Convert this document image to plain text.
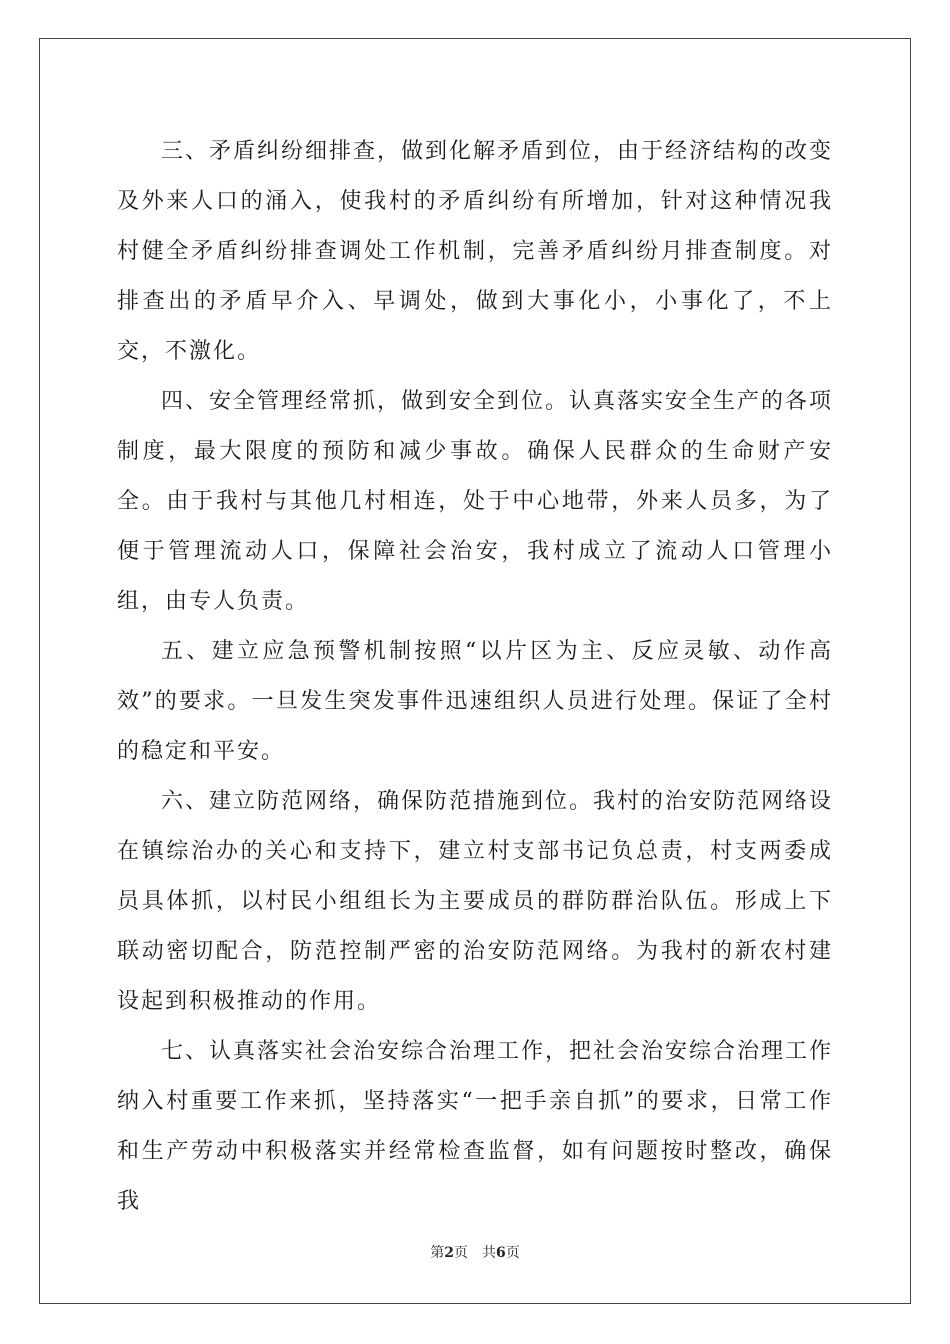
三、矛盾纠纷细排查，做到化解矛盾到位，由于经济结构的改变及外来人口的涌入，使我村的矛盾纠纷有所增加，针对这种情况我村健全矛盾纠纷排查调处工作机制，完善矛盾纠纷月排查制度。对排查出的矛盾早介入、早调处，做到大事化小，小事化了，不上交，不激化。

四、安全管理经常抓，做到安全到位。认真落实安全生产的各项制度，最大限度的预防和减少事故。确保人民群众的生命财产安全。由于我村与其他几村相连，处于中心地带，外来人员多，为了便于管理流动人口，保障社会治安，我村成立了流动人口管理小组，由专人负责。

五、建立应急预警机制按照“以片区为主、反应灵敏、动作高效”的要求。一旦发生突发事件迅速组织人员进行处理。保证了全村的稳定和平安。

六、建立防范网络，确保防范措施到位。我村的治安防范网络设在镇综治办的关心和支持下，建立村支部书记负总责，村支两委成员具体抓，以村民小组组长为主要成员的群防群治队伍。形成上下联动密切配合，防范控制严密的治安防范网络。为我村的新农村建设起到积极推动的作用。

七、认真落实社会治安综合治理工作，把社会治安综合治理工作纳入村重要工作来抓，坚持落实“一把手亲自抓”的要求，日常工作和生产劳动中积极落实并经常检查监督，如有问题按时整改，确保我

第2页 共6页
